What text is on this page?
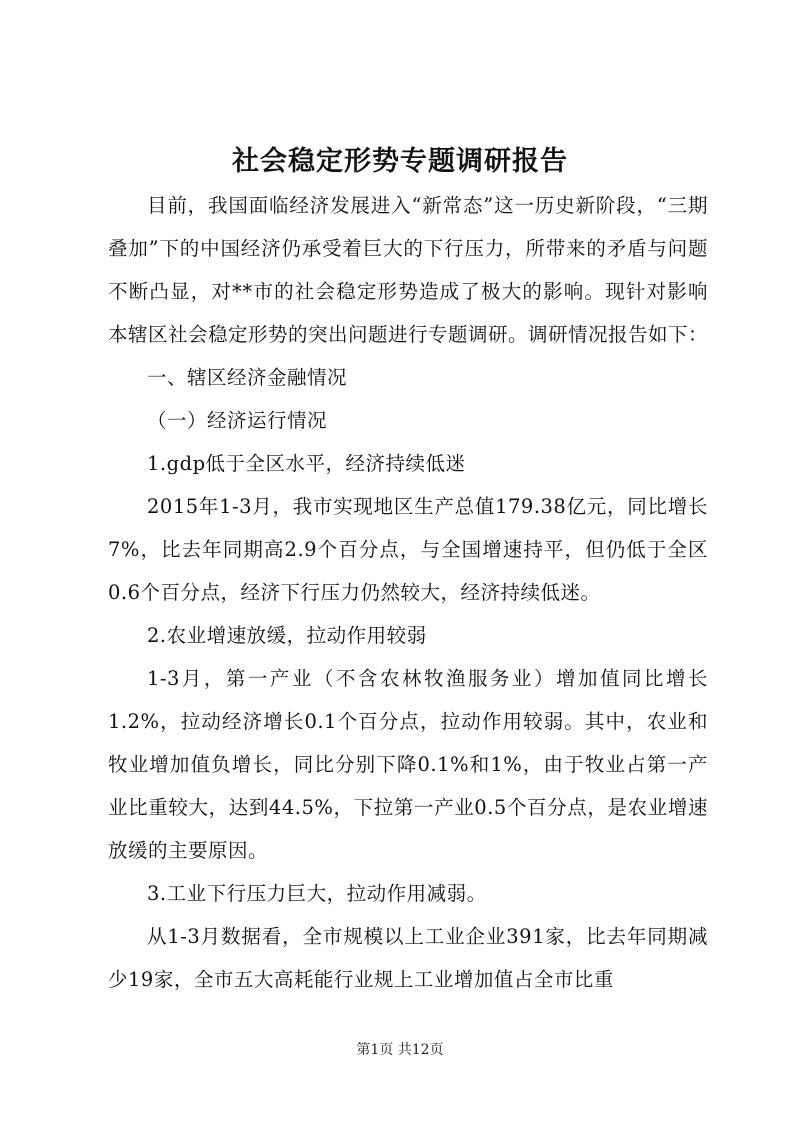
社会稳定形势专题调研报告

目前，我国面临经济发展进入“新常态”这一历史新阶段，“三期叠加”下的中国经济仍承受着巨大的下行压力，所带来的矛盾与问题不断凸显，对**市的社会稳定形势造成了极大的影响。现针对影响本辖区社会稳定形势的突出问题进行专题调研。调研情况报告如下：

一、辖区经济金融情况

（一）经济运行情况

1.gdp低于全区水平，经济持续低迷

2015年1-3月，我市实现地区生产总值179.38亿元，同比增长7%，比去年同期高2.9个百分点，与全国增速持平，但仍低于全区0.6个百分点，经济下行压力仍然较大，经济持续低迷。

2.农业增速放缓，拉动作用较弱

1-3月，第一产业（不含农林牧渔服务业）增加值同比增长1.2%，拉动经济增长0.1个百分点，拉动作用较弱。其中，农业和牧业增加值负增长，同比分别下降0.1%和1%，由于牧业占第一产业比重较大，达到44.5%，下拉第一产业0.5个百分点，是农业增速放缓的主要原因。

3.工业下行压力巨大，拉动作用减弱。

从1-3月数据看，全市规模以上工业企业391家，比去年同期减少19家，全市五大高耗能行业规上工业增加值占全市比重

第1页 共12页
